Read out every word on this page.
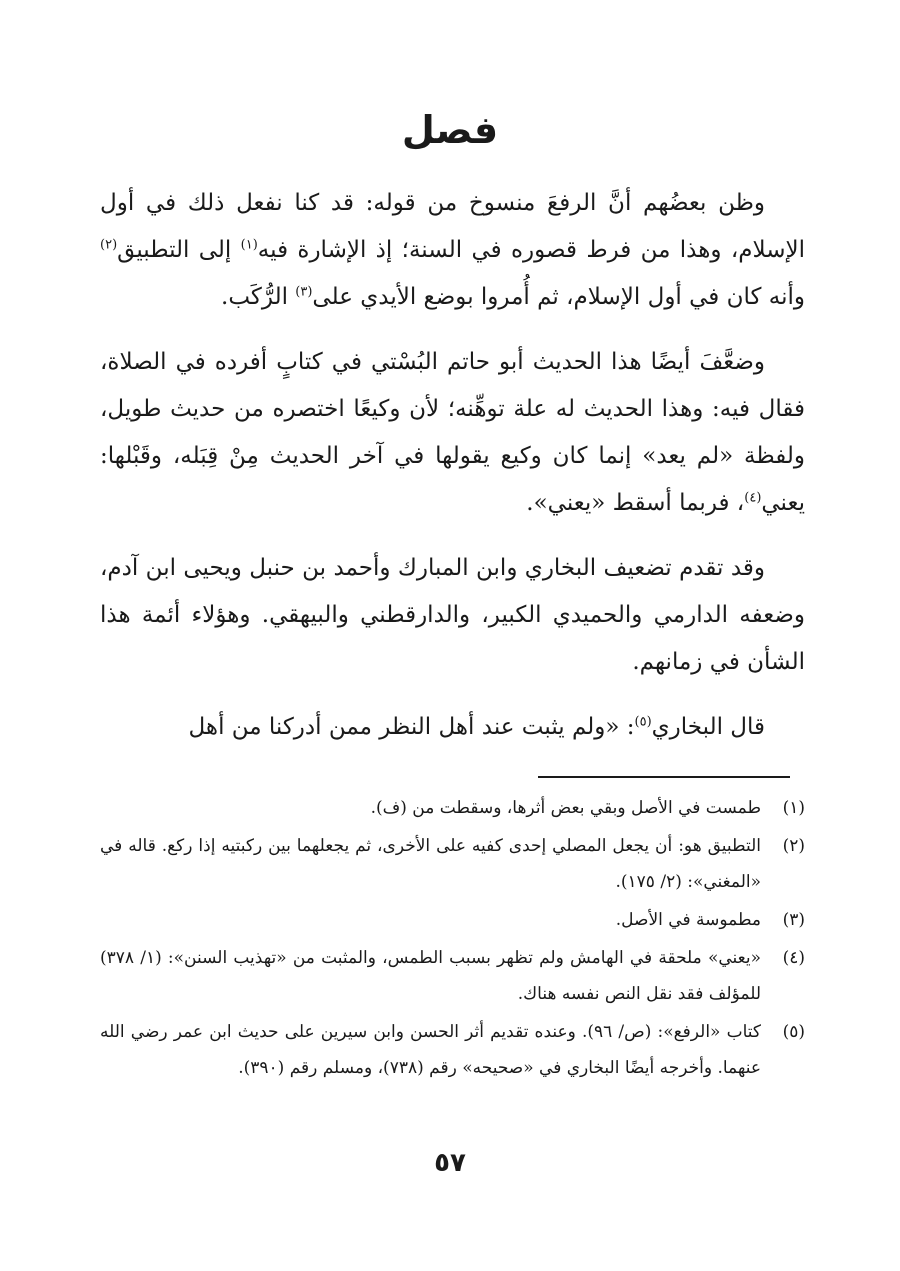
فصل

وظن بعضُهم أنَّ الرفعَ منسوخ من قوله: قد كنا نفعل ذلك في أول الإسلام، وهذا من فرط قصوره في السنة؛ إذ الإشارة فيه$^{(١)}$ إلى التطبيق$^{(٢)}$ وأنه كان في أول الإسلام، ثم أُمروا بوضع الأيدي على$^{(٣)}$ الرُّكَب.

وضعَّفَ أيضًا هذا الحديث أبو حاتم البُسْتي في كتابٍ أفرده في الصلاة، فقال فيه: وهذا الحديث له علة توهِّنه؛ لأن وكيعًا اختصره من حديث طويل، ولفظة «لم يعد» إنما كان وكيع يقولها في آخر الحديث مِنْ قِبَله، وقَبْلها: يعني$^{(٤)}$، فربما أسقط «يعني».

وقد تقدم تضعيف البخاري وابن المبارك وأحمد بن حنبل ويحيى ابن آدم، وضعفه الدارمي والحميدي الكبير، والدارقطني والبيهقي. وهؤلاء أئمة هذا الشأن في زمانهم.

قال البخاري$^{(٥)}$: «ولم يثبت عند أهل النظر ممن أدركنا من أهل

(١)
طمست في الأصل وبقي بعض أثرها، وسقطت من (ف).
(٢)
التطبيق هو: أن يجعل المصلي إحدى كفيه على الأخرى، ثم يجعلهما بين ركبتيه إذا ركع. قاله في «المغني»: (٢/ ١٧٥).
(٣)
مطموسة في الأصل.
(٤)
«يعني» ملحقة في الهامش ولم تظهر بسبب الطمس، والمثبت من «تهذيب السنن»: (١/ ٣٧٨) للمؤلف فقد نقل النص نفسه هناك.
(٥)
كتاب «الرفع»: (ص/ ٩٦). وعنده تقديم أثر الحسن وابن سيرين على حديث ابن عمر رضي الله عنهما. وأخرجه أيضًا البخاري في «صحيحه» رقم (٧٣٨)، ومسلم رقم (٣٩٠).
٥٧
